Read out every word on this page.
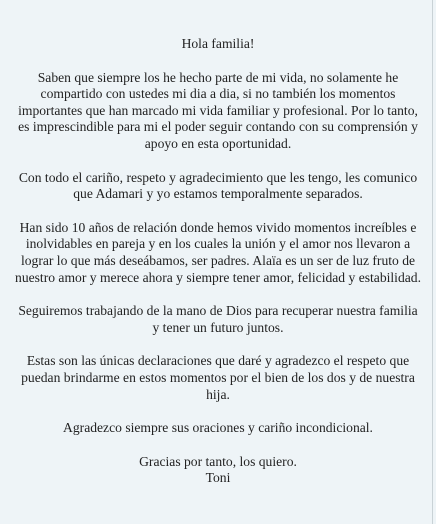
Hola familia!

Saben que siempre los he hecho parte de mi vida, no solamente he compartido con ustedes mi dia a dia, si no también los momentos importantes que han marcado mi vida familiar y profesional. Por lo tanto, es imprescindible para mi el poder seguir contando con su comprensión y apoyo en esta oportunidad.

Con todo el cariño, respeto y agradecimiento que les tengo, les comunico que Adamari y yo estamos temporalmente separados.

Han sido 10 años de relación donde hemos vivido momentos increíbles e inolvidables en pareja y en los cuales la unión y el amor nos llevaron a lograr lo que más deseábamos, ser padres. Alaïa es un ser de luz fruto de nuestro amor y merece ahora y siempre tener amor, felicidad y estabilidad.

Seguiremos trabajando de la mano de Dios para recuperar nuestra familia y tener un futuro juntos.

Estas son las únicas declaraciones que daré y agradezco el respeto que puedan brindarme en estos momentos por el bien de los dos y de nuestra hija.

Agradezco siempre sus oraciones y cariño incondicional.

Gracias por tanto, los quiero.

Toni
